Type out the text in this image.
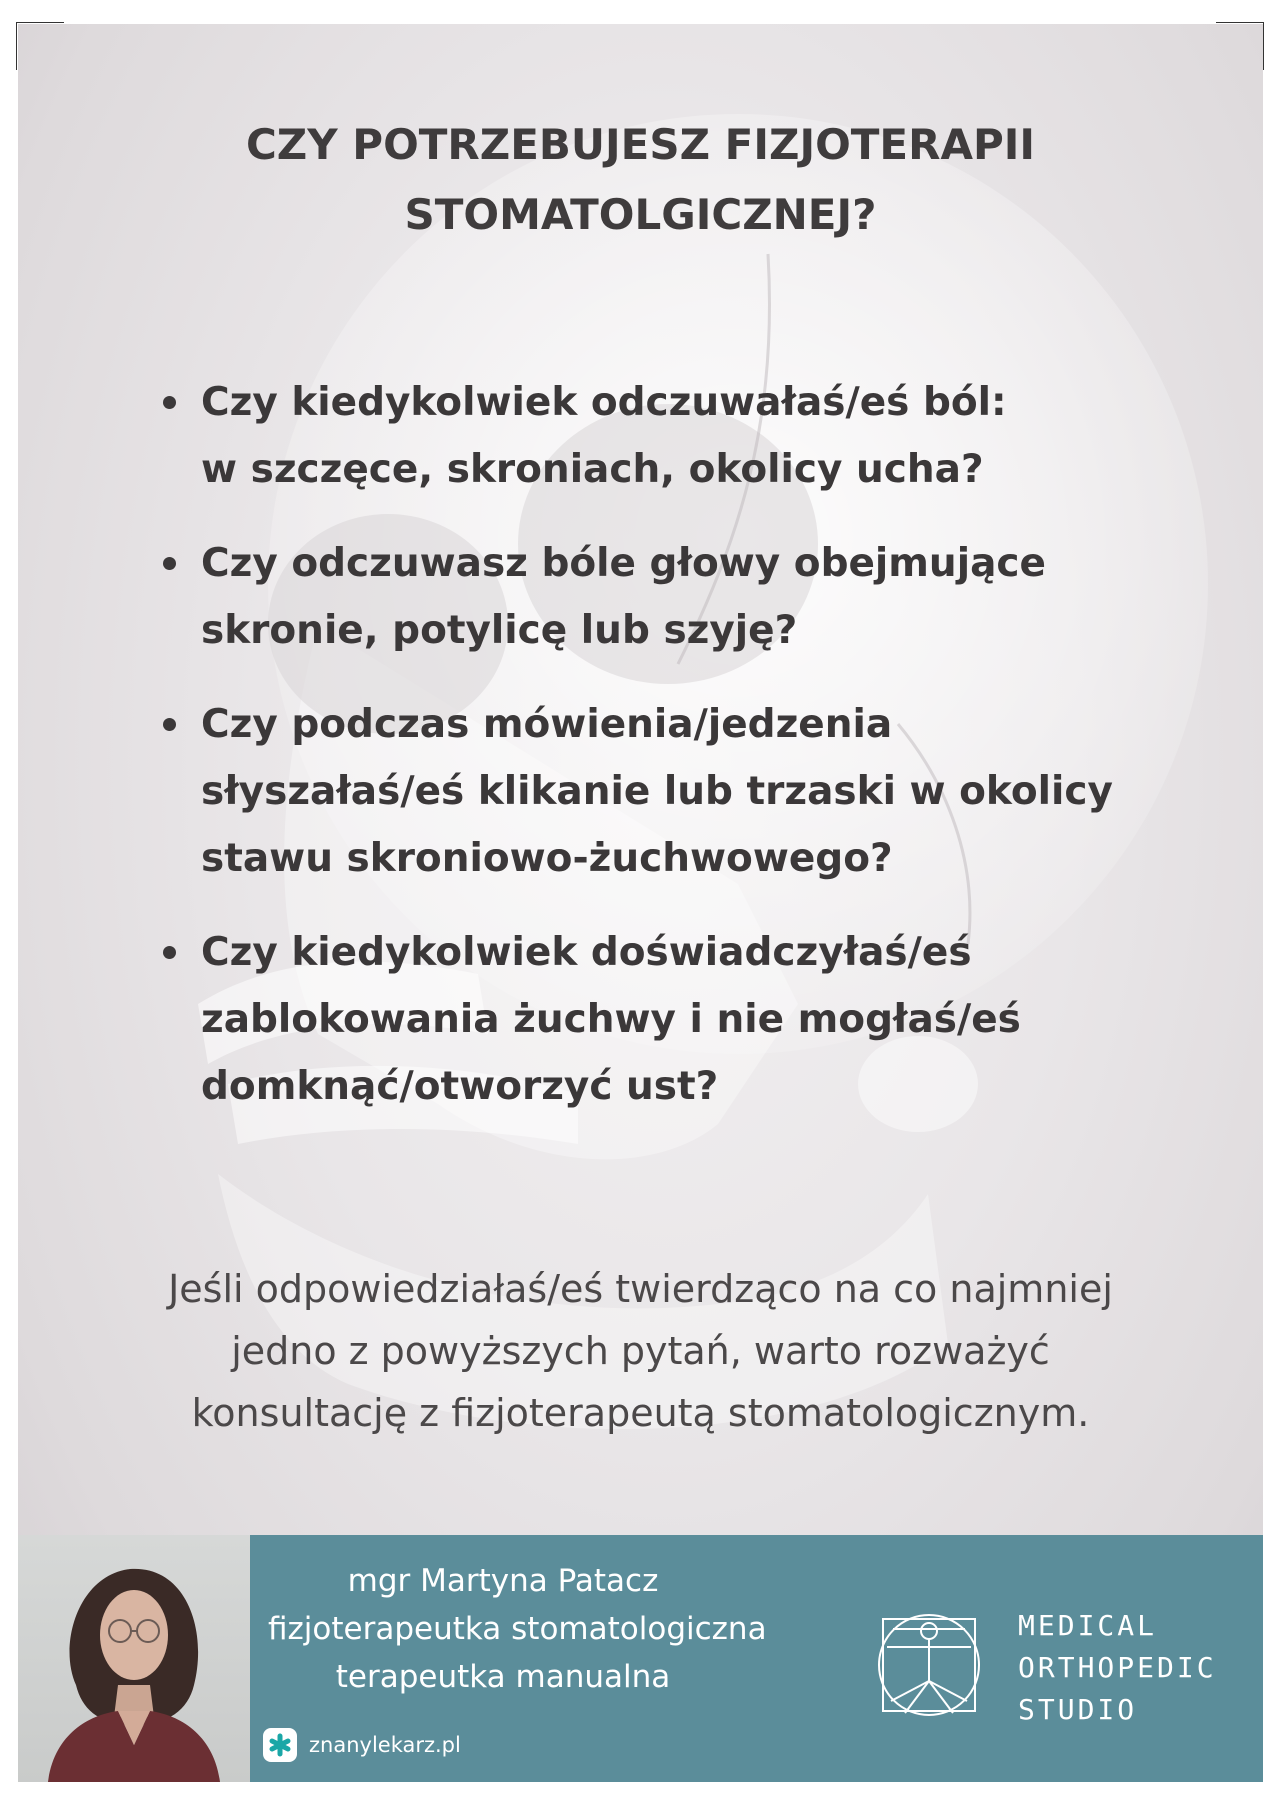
CZY POTRZEBUJESZ FIZJOTERAPII
STOMATOLGICZNEJ?
Czy kiedykolwiek odczuwałaś/eś ból:
w szczęce, skroniach, okolicy ucha?
Czy odczuwasz bóle głowy obejmujące
skronie, potylicę lub szyję?
Czy podczas mówienia/jedzenia
słyszałaś/eś klikanie lub trzaski w okolicy
stawu skroniowo-żuchwowego?
Czy kiedykolwiek doświadczyłaś/eś
zablokowania żuchwy i nie mogłaś/eś
domknąć/otworzyć ust?
Jeśli odpowiedziałaś/eś twierdząco na co najmniej
jedno z powyższych pytań, warto rozważyć
konsultację z fizjoterapeutą stomatologicznym.
mgr Martyna Patacz
fizjoterapeutka stomatologiczna
terapeutka manualna
znanylekarz.pl
MEDICAL
ORTHOPEDIC
STUDIO
